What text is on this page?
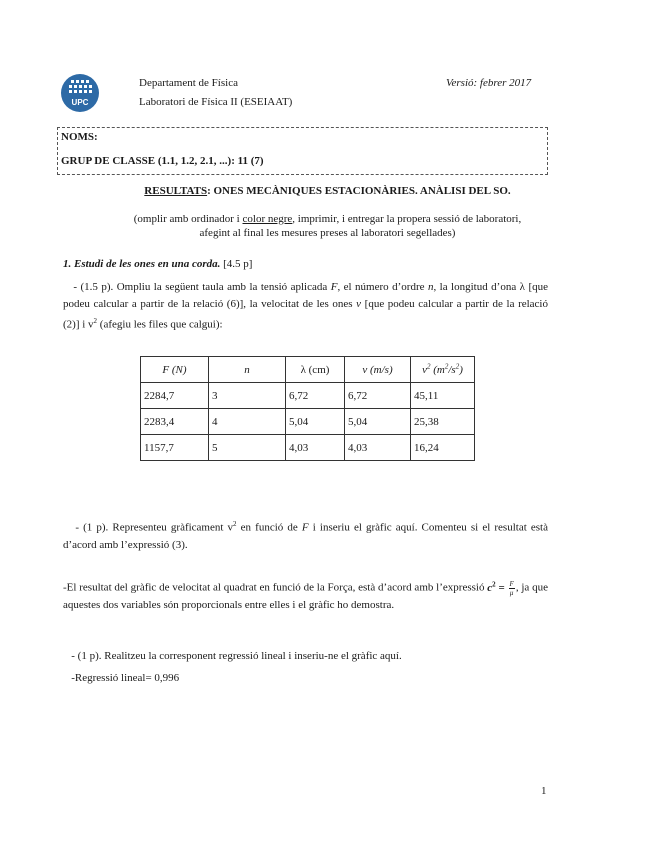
UPC
Departament de Física
Laboratori de Física II (ESEIAAT)
Versió: febrer 2017
NOMS:
GRUP DE CLASSE (1.1, 1.2, 2.1, ...): 11 (7)
RESULTATS: ONES MECÀNIQUES ESTACIONÀRIES. ANÀLISI DEL SO.
(omplir amb ordinador i color negre, imprimir, i entregar la propera sessió de laboratori,
afegint al final les mesures preses al laboratori segellades)
1. Estudi de les ones en una corda. [4.5 p]
- (1.5 p). Ompliu la següent taula amb la tensió aplicada F, el número d’ordre n, la longitud d’ona λ [que podeu calcular a partir de la relació (6)], la velocitat de les ones v [que podeu calcular a partir de la relació (2)] i $v^2$ (afegiu les files que calgui):
F (N)	n	λ (cm)	v (m/s)	$v^2$ $(m^2/s^2)$
2284,7	3	6,72	6,72	45,11
2283,4	4	5,04	5,04	25,38
1157,7	5	4,03	4,03	16,24
- (1 p). Representeu gràficament $v^2$ en funció de F i inseriu el gràfic aquí. Comenteu si el resultat està d’acord amb l’expressió (3).
-El resultat del gràfic de velocitat al quadrat en funció de la Força, està d’acord amb l’expressió $c^2 = \frac{F}{\mu}$ , ja que aquestes dos variables són proporcionals entre elles i el gràfic ho demostra.
- (1 p). Realitzeu la corresponent regressió lineal i inseriu-ne el gràfic aquí.
-Regressió lineal= 0,996
1
